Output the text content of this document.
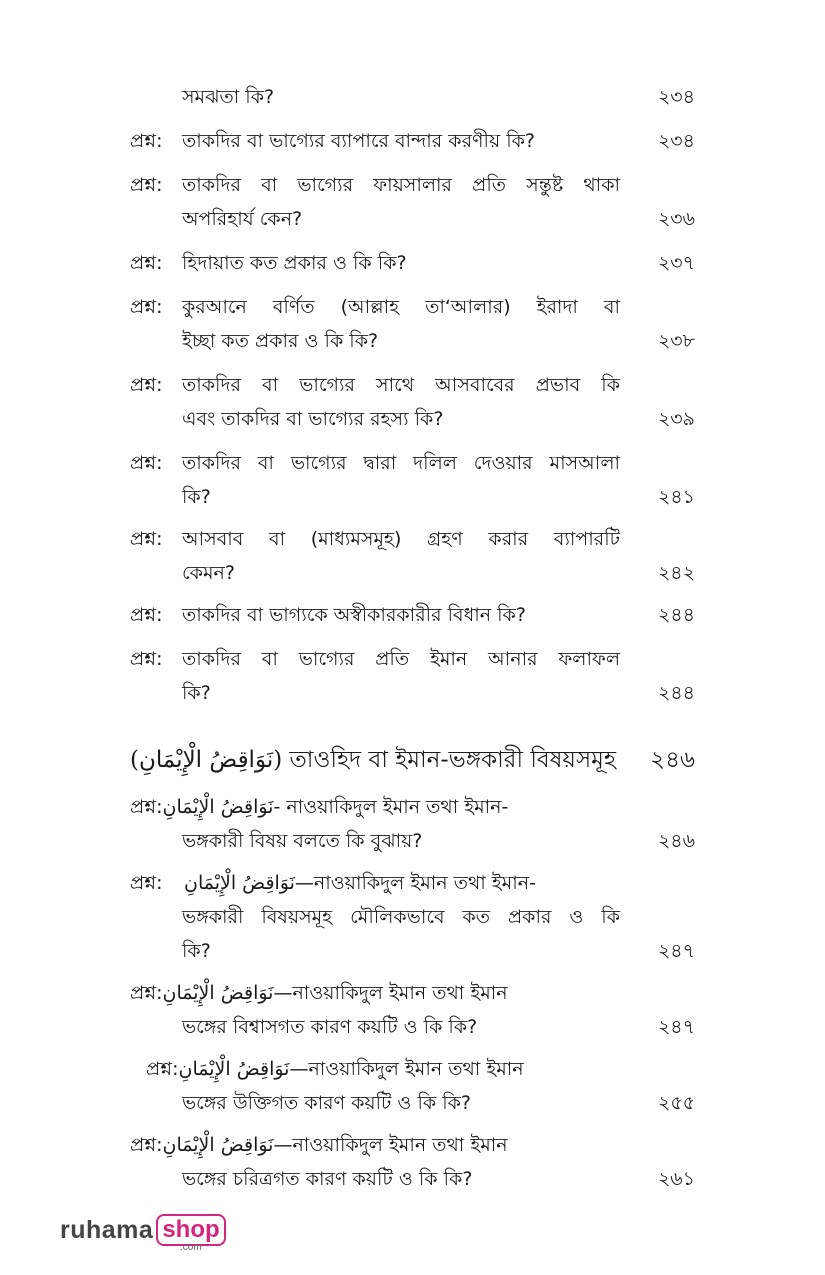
সমঝতা কি?	২৩৪
প্রশ্ন: তাকদির বা ভাগ্যের ব্যাপারে বান্দার করণীয় কি?	২৩৪
প্রশ্ন: তাকদির বা ভাগ্যের ফায়সালার প্রতি সন্তুষ্ট থাকা
অপরিহার্য কেন?	২৩৬
প্রশ্ন: হিদায়াত কত প্রকার ও কি কি?	২৩৭
প্রশ্ন: কুরআনে বর্ণিত (আল্লাহ তা‘আলার) ইরাদা বা
ইচ্ছা কত প্রকার ও কি কি?	২৩৮
প্রশ্ন: তাকদির বা ভাগ্যের সাথে আসবাবের প্রভাব কি
এবং তাকদির বা ভাগ্যের রহস্য কি?	২৩৯
প্রশ্ন: তাকদির বা ভাগ্যের দ্বারা দলিল দেওয়ার মাসআলা
কি?	২৪১
প্রশ্ন: আসবাব বা (মাধ্যমসমূহ) গ্রহণ করার ব্যাপারটি
কেমন?	২৪২
প্রশ্ন: তাকদির বা ভাগ্যকে অস্বীকারকারীর বিধান কি?	২৪৪
প্রশ্ন: তাকদির বা ভাগ্যের প্রতি ইমান আনার ফলাফল
কি?	২৪৪
(نَوَاقِضُ الْإِيْمَانِ) তাওহিদ বা ইমান-ভঙ্গকারী বিষয়সমূহ ২৪৬
প্রশ্ন:نَوَاقِضُ الْإِيْمَانِ- নাওয়াকিদুল ইমান তথা ইমান-
ভঙ্গকারী বিষয় বলতে কি বুঝায়?	২৪৬
প্রশ্ন: نَوَاقِضُ الْإِيْمَانِ—নাওয়াকিদুল ইমান তথা ইমান-
ভঙ্গকারী বিষয়সমূহ মৌলিকভাবে কত প্রকার ও কি
কি?	২৪৭
প্রশ্ন:نَوَاقِضُ الْإِيْمَانِ—নাওয়াকিদুল ইমান তথা ইমান
ভঙ্গের বিশ্বাসগত কারণ কয়টি ও কি কি?	২৪৭
প্রশ্ন:نَوَاقِضُ الْإِيْمَانِ—নাওয়াকিদুল ইমান তথা ইমান
ভঙ্গের উক্তিগত কারণ কয়টি ও কি কি?	২৫৫
প্রশ্ন:نَوَاقِضُ الْإِيْمَانِ—নাওয়াকিদুল ইমান তথা ইমান
ভঙ্গের চরিত্রগত কারণ কয়টি ও কি কি?	২৬১
ruhama shop
.com
